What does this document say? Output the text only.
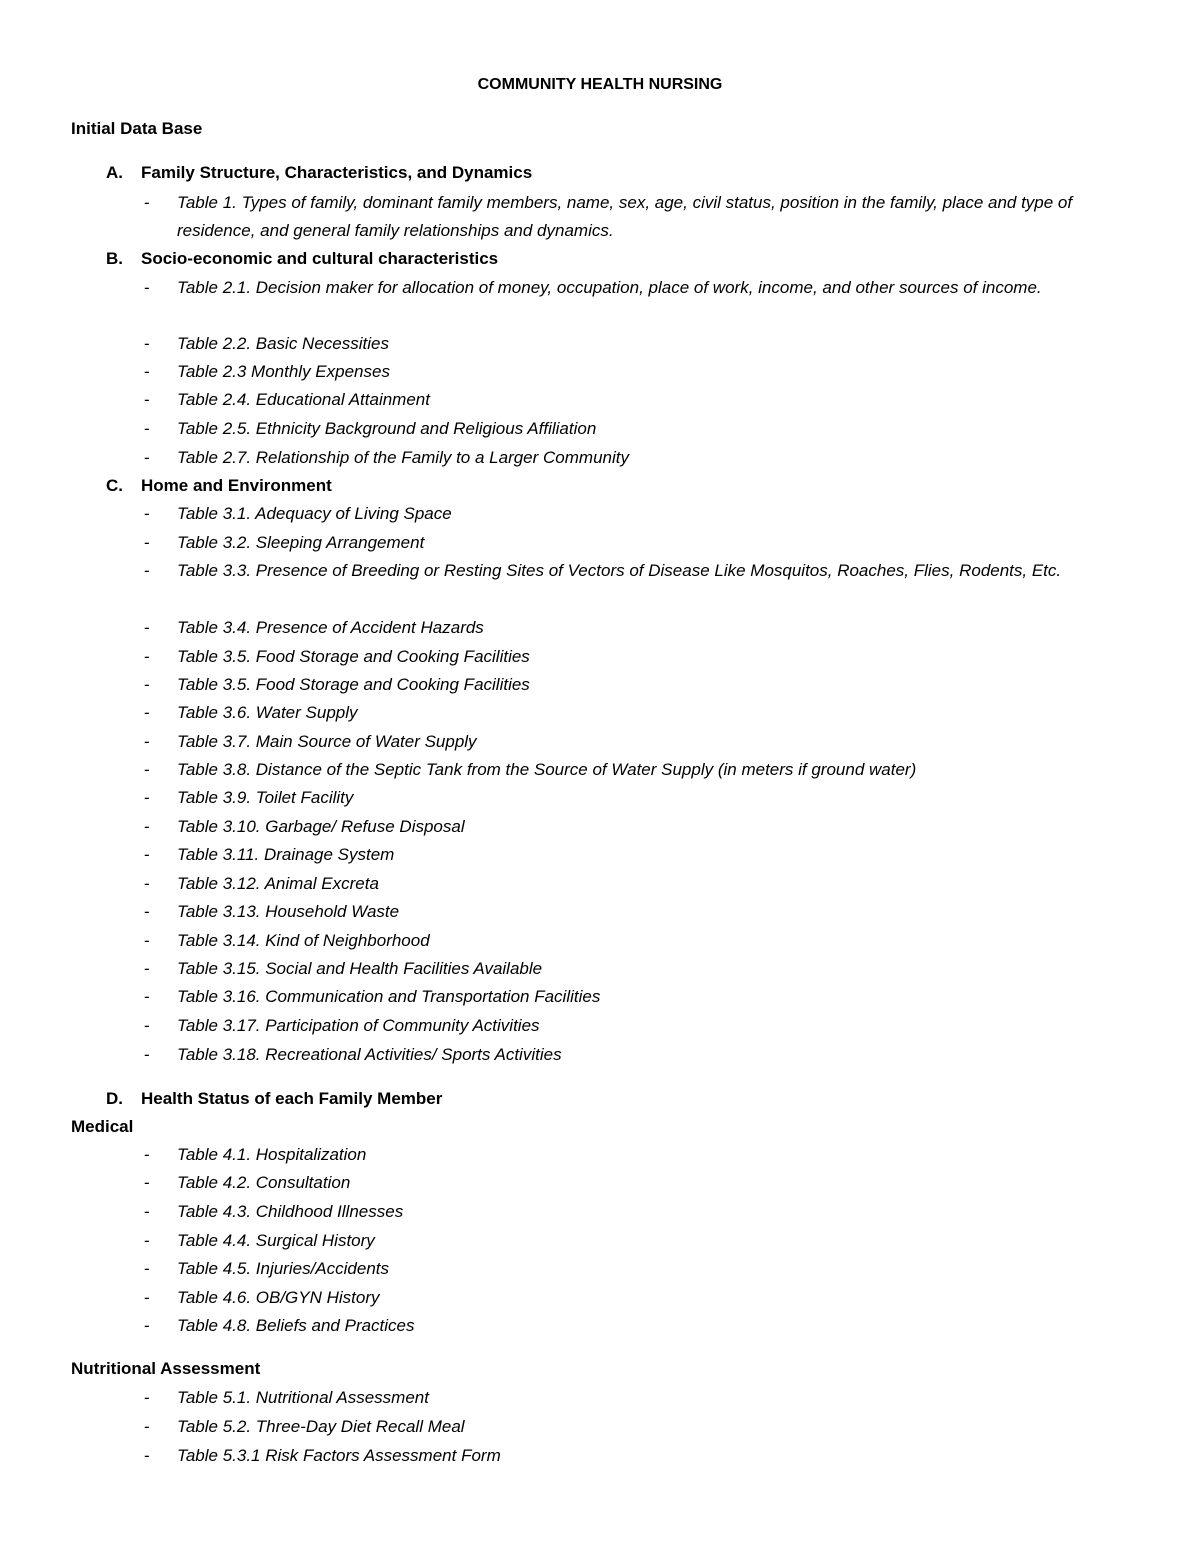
COMMUNITY HEALTH NURSING
Initial Data Base
A. Family Structure, Characteristics, and Dynamics
- Table 1. Types of family, dominant family members, name, sex, age, civil status, position in the family, place and type of residence, and general family relationships and dynamics.
B. Socio-economic and cultural characteristics
- Table 2.1. Decision maker for allocation of money, occupation, place of work, income, and other sources of income.
- Table 2.2. Basic Necessities
- Table 2.3 Monthly Expenses
- Table 2.4. Educational Attainment
- Table 2.5. Ethnicity Background and Religious Affiliation
- Table 2.7. Relationship of the Family to a Larger Community
C. Home and Environment
- Table 3.1. Adequacy of Living Space
- Table 3.2. Sleeping Arrangement
- Table 3.3. Presence of Breeding or Resting Sites of Vectors of Disease Like Mosquitos, Roaches, Flies, Rodents, Etc.
- Table 3.4. Presence of Accident Hazards
- Table 3.5. Food Storage and Cooking Facilities
- Table 3.5. Food Storage and Cooking Facilities
- Table 3.6. Water Supply
- Table 3.7. Main Source of Water Supply
- Table 3.8. Distance of the Septic Tank from the Source of Water Supply (in meters if ground water)
- Table 3.9. Toilet Facility
- Table 3.10. Garbage/ Refuse Disposal
- Table 3.11. Drainage System
- Table 3.12. Animal Excreta
- Table 3.13. Household Waste
- Table 3.14. Kind of Neighborhood
- Table 3.15. Social and Health Facilities Available
- Table 3.16. Communication and Transportation Facilities
- Table 3.17. Participation of Community Activities
- Table 3.18. Recreational Activities/ Sports Activities
D. Health Status of each Family Member
Medical
- Table 4.1. Hospitalization
- Table 4.2. Consultation
- Table 4.3. Childhood Illnesses
- Table 4.4. Surgical History
- Table 4.5. Injuries/Accidents
- Table 4.6. OB/GYN History
- Table 4.8. Beliefs and Practices
Nutritional Assessment
- Table 5.1. Nutritional Assessment
- Table 5.2. Three-Day Diet Recall Meal
- Table 5.3.1 Risk Factors Assessment Form
